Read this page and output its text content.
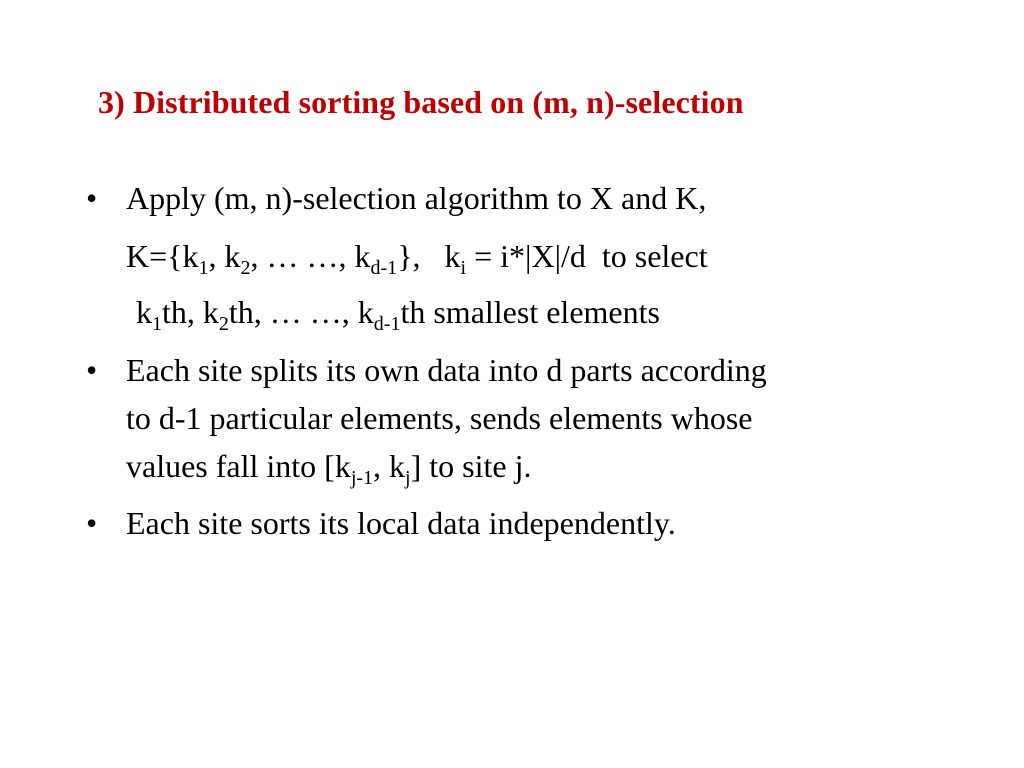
3) Distributed sorting based on (m, n)-selection
• Apply (m, n)-selection algorithm to X and K,
$K=\{k_1$, $k_2$, … …, $k_{d-1}$},   $k_i = i*|X|/d$  to select
$k_1th$, $k_2th$, … …, $k_{d-1}th$ smallest elements
• Each site splits its own data into d parts according
to d-1 particular elements, sends elements whose
values fall into [$k_{j-1}$, $k_j$] to site j.
• Each site sorts its local data independently.
